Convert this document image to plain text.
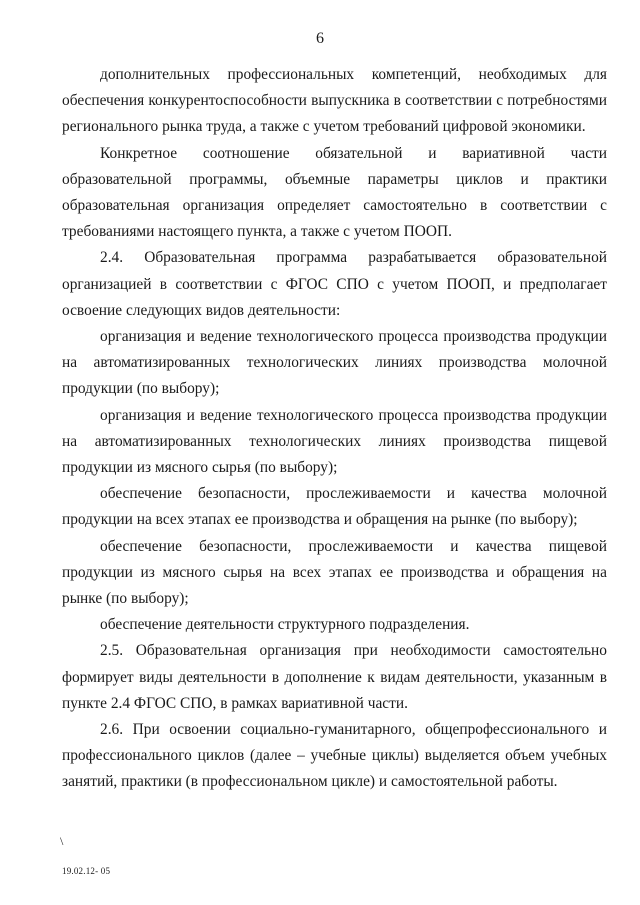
6

дополнительных профессиональных компетенций, необходимых для обеспечения конкурентоспособности выпускника в соответствии с потребностями регионального рынка труда, а также с учетом требований цифровой экономики.

Конкретное соотношение обязательной и вариативной части образовательной программы, объемные параметры циклов и практики образовательная организация определяет самостоятельно в соответствии с требованиями настоящего пункта, а также с учетом ПООП.

2.4. Образовательная программа разрабатывается образовательной организацией в соответствии с ФГОС СПО с учетом ПООП, и предполагает освоение следующих видов деятельности:

организация и ведение технологического процесса производства продукции на автоматизированных технологических линиях производства молочной продукции (по выбору);

организация и ведение технологического процесса производства продукции на автоматизированных технологических линиях производства пищевой продукции из мясного сырья (по выбору);

обеспечение безопасности, прослеживаемости и качества молочной продукции на всех этапах ее производства и обращения на рынке (по выбору);

обеспечение безопасности, прослеживаемости и качества пищевой продукции из мясного сырья на всех этапах ее производства и обращения на рынке (по выбору);

обеспечение деятельности структурного подразделения.

2.5. Образовательная организация при необходимости самостоятельно формирует виды деятельности в дополнение к видам деятельности, указанным в пункте 2.4 ФГОС СПО, в рамках вариативной части.

2.6. При освоении социально-гуманитарного, общепрофессионального и профессионального циклов (далее – учебные циклы) выделяется объем учебных занятий, практики (в профессиональном цикле) и самостоятельной работы.

\
19.02.12- 05
